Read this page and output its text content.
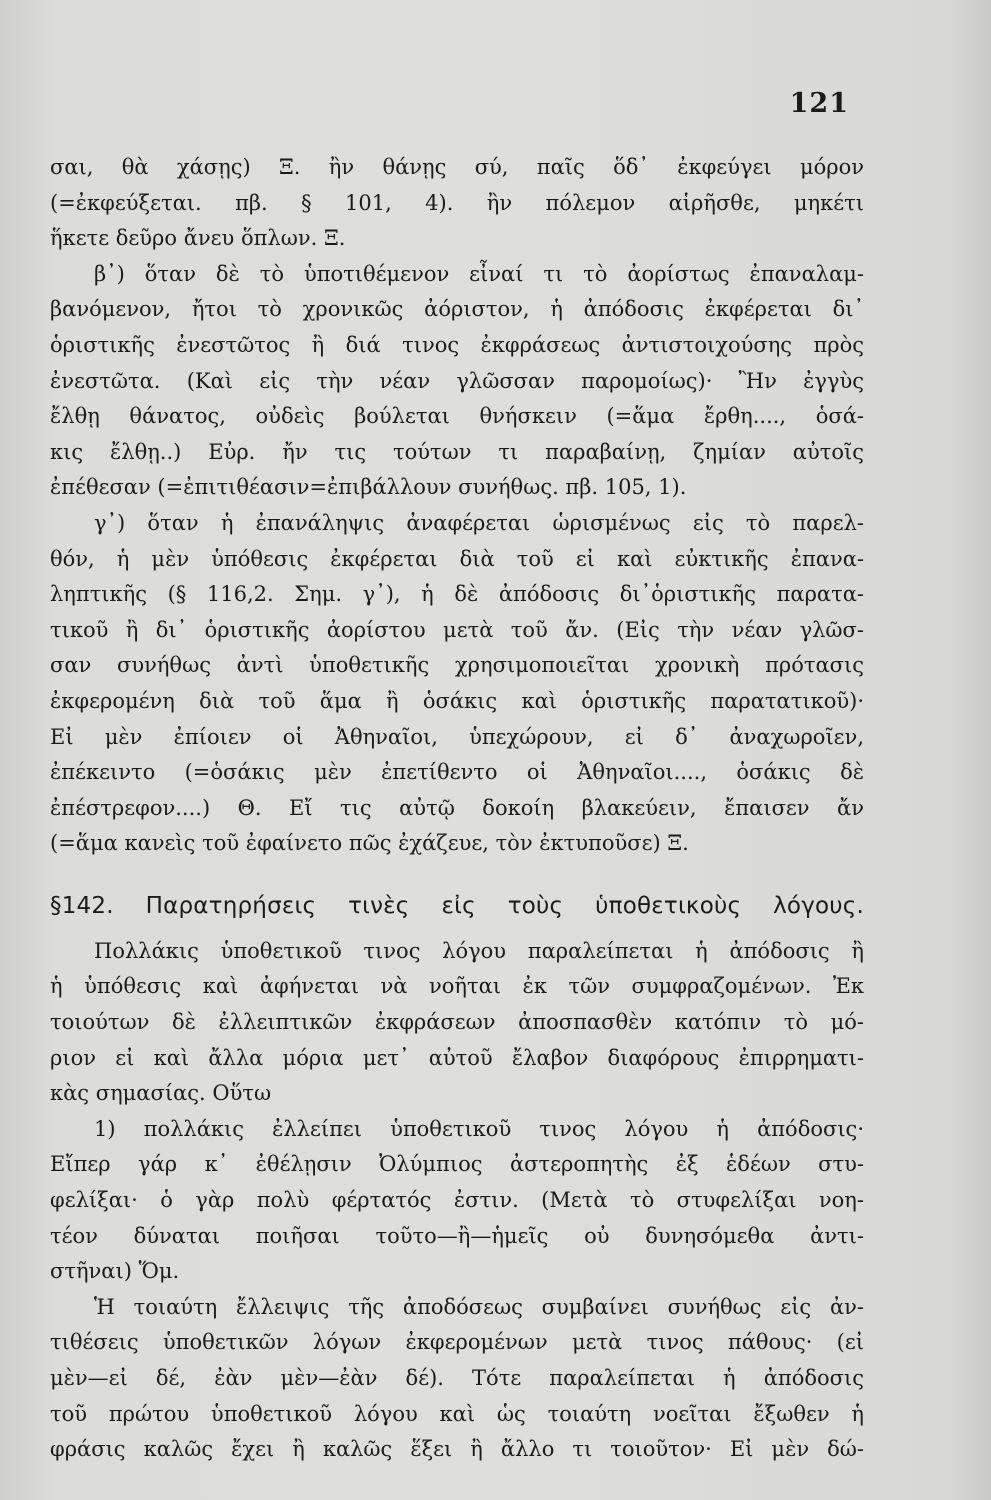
121
σαι, θὰ χάσῃς) Ξ. ἢν θάνῃς σύ, παῖς ὅδ᾽ ἐκφεύγει μόρον
(=ἐκφεύξεται. πβ. § 101, 4). ἢν πόλεμον αἱρῆσθε, μηκέτι
ἥκετε δεῦρο ἄνευ ὅπλων. Ξ.
β᾽) ὅταν δὲ τὸ ὑποτιθέμενον εἶναί τι τὸ ἀορίστως ἐπαναλαμ-
βανόμενον, ἤτοι τὸ χρονικῶς ἀόριστον, ἡ ἀπόδοσις ἐκφέρεται δι᾽
ὁριστικῆς ἐνεστῶτος ἢ διά τινος ἐκφράσεως ἀντιστοιχούσης πρὸς
ἐνεστῶτα. (Καὶ εἰς τὴν νέαν γλῶσσαν παρομοίως)· Ἢν ἐγγὺς
ἔλθῃ θάνατος, οὐδεὶς βούλεται θνήσκειν (=ἅμα ἔρθη...., ὁσά-
κις ἔλθῃ..) Εὐρ. ἤν τις τούτων τι παραβαίνῃ, ζημίαν αὐτοῖς
ἐπέθεσαν (=ἐπιτιθέασιν=ἐπιβάλλουν συνήθως. πβ. 105, 1).
γ᾽) ὅταν ἡ ἐπανάληψις ἀναφέρεται ὡρισμένως εἰς τὸ παρελ-
θόν, ἡ μὲν ὑπόθεσις ἐκφέρεται διὰ τοῦ εἰ καὶ εὐκτικῆς ἐπανα-
ληπτικῆς (§ 116,2. Σημ. γ᾽), ἡ δὲ ἀπόδοσις δι᾽ὁριστικῆς παρατα-
τικοῦ ἢ δι᾽ ὁριστικῆς ἀορίστου μετὰ τοῦ ἄν. (Εἰς τὴν νέαν γλῶσ-
σαν συνήθως ἀντὶ ὑποθετικῆς χρησιμοποιεῖται χρονικὴ πρότασις
ἐκφερομένη διὰ τοῦ ἅμα ἢ ὁσάκις καὶ ὁριστικῆς παρατατικοῦ)·
Εἰ μὲν ἐπίοιεν οἱ Ἀθηναῖοι, ὑπεχώρουν, εἰ δ᾽ ἀναχωροῖεν,
ἐπέκειντο (=ὁσάκις μὲν ἐπετίθεντο οἱ Ἀθηναῖοι...., ὁσάκις δὲ
ἐπέστρεφον....) Θ. Εἴ τις αὐτῷ δοκοίη βλακεύειν, ἔπαισεν ἄν
(=ἅμα κανεὶς τοῦ ἐφαίνετο πῶς ἐχάζευε, τὸν ἐκτυποῦσε) Ξ.
§142. Παρατηρήσεις τινὲς εἰς τοὺς ὑποθετικοὺς λόγους.
Πολλάκις ὑποθετικοῦ τινος λόγου παραλείπεται ἡ ἀπόδοσις ἢ
ἡ ὑπόθεσις καὶ ἀφήνεται νὰ νοῆται ἐκ τῶν συμφραζομένων. Ἐκ
τοιούτων δὲ ἐλλειπτικῶν ἐκφράσεων ἀποσπασθὲν κατόπιν τὸ μό-
ριον εἰ καὶ ἄλλα μόρια μετ᾽ αὐτοῦ ἔλαβον διαφόρους ἐπιρρηματι-
κὰς σημασίας. Οὕτω
1) πολλάκις ἐλλείπει ὑποθετικοῦ τινος λόγου ἡ ἀπόδοσις·
Εἴπερ γάρ κ᾽ ἐθέλῃσιν Ὀλύμπιος ἀστεροπητὴς ἐξ ἑδέων στυ-
φελίξαι· ὁ γὰρ πολὺ φέρτατός ἐστιν. (Μετὰ τὸ στυφελίξαι νοη-
τέον δύναται ποιῆσαι τοῦτο—ἢ—ἡμεῖς οὐ δυνησόμεθα ἀντι-
στῆναι) Ὅμ.
Ἡ τοιαύτη ἔλλειψις τῆς ἀποδόσεως συμβαίνει συνήθως εἰς ἀν-
τιθέσεις ὑποθετικῶν λόγων ἐκφερομένων μετὰ τινος πάθους· (εἰ
μὲν—εἰ δέ, ἐὰν μὲν—ἐὰν δέ). Τότε παραλείπεται ἡ ἀπόδοσις
τοῦ πρώτου ὑποθετικοῦ λόγου καὶ ὡς τοιαύτη νοεῖται ἔξωθεν ἡ
φράσις καλῶς ἔχει ἢ καλῶς ἕξει ἢ ἄλλο τι τοιοῦτον· Εἰ μὲν δώ-
